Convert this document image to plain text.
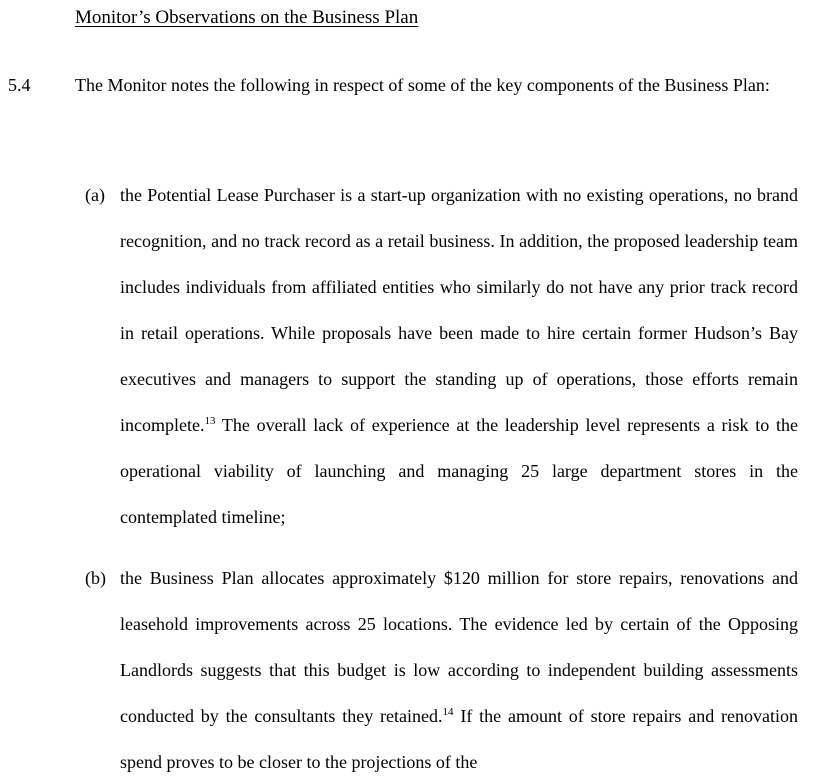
Monitor’s Observations on the Business Plan
5.4	The Monitor notes the following in respect of some of the key components of the Business Plan:
(a) the Potential Lease Purchaser is a start-up organization with no existing operations, no brand recognition, and no track record as a retail business. In addition, the proposed leadership team includes individuals from affiliated entities who similarly do not have any prior track record in retail operations. While proposals have been made to hire certain former Hudson’s Bay executives and managers to support the standing up of operations, those efforts remain incomplete.$^{13}$ The overall lack of experience at the leadership level represents a risk to the operational viability of launching and managing 25 large department stores in the contemplated timeline;
(b) the Business Plan allocates approximately $120 million for store repairs, renovations and leasehold improvements across 25 locations. The evidence led by certain of the Opposing Landlords suggests that this budget is low according to independent building assessments conducted by the consultants they retained.$^{14}$ If the amount of store repairs and renovation spend proves to be closer to the projections of the
